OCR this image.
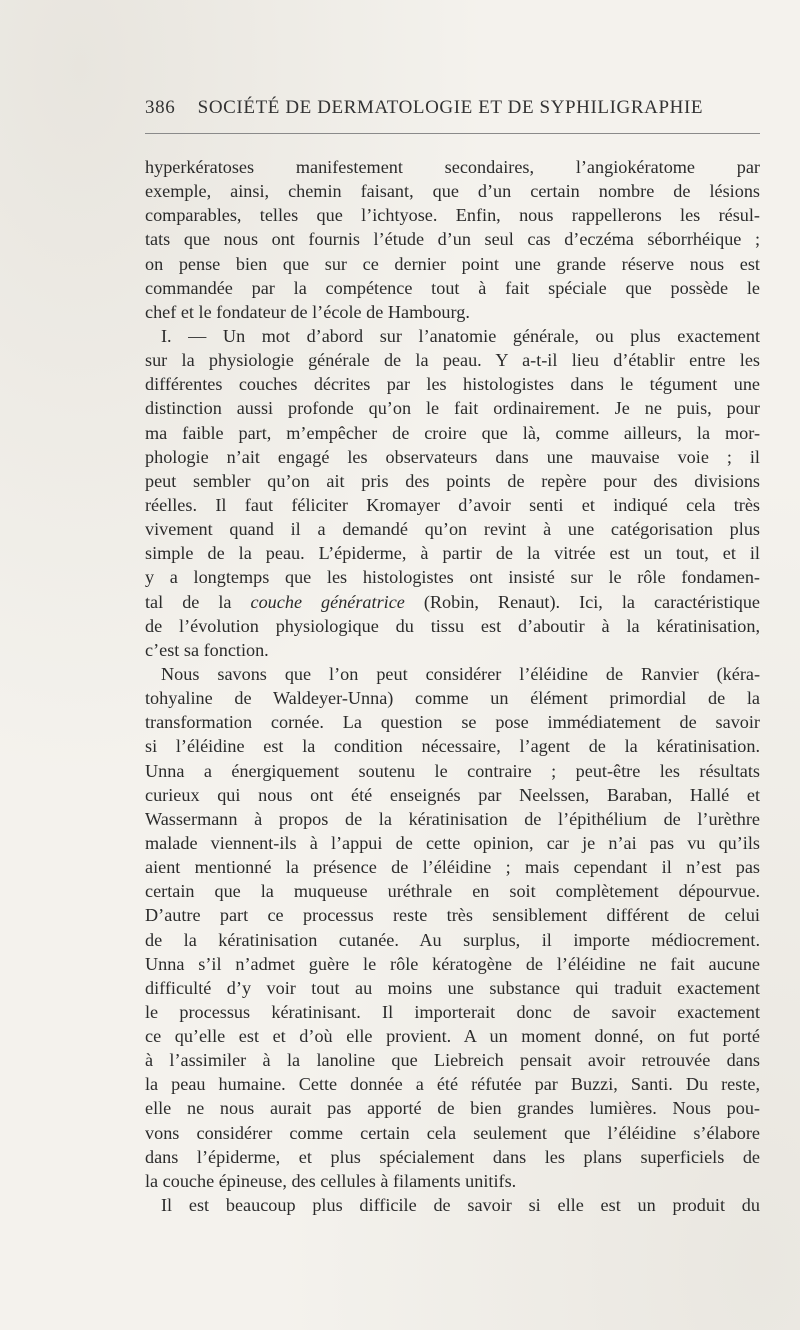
386 SOCIÉTÉ DE DERMATOLOGIE ET DE SYPHILIGRAPHIE
hyperkératoses manifestement secondaires, l’angiokératome par
exemple, ainsi, chemin faisant, que d’un certain nombre de lésions
comparables, telles que l’ichtyose. Enfin, nous rappellerons les résul-
tats que nous ont fournis l’étude d’un seul cas d’eczéma séborrhéique ;
on pense bien que sur ce dernier point une grande réserve nous est
commandée par la compétence tout à fait spéciale que possède le
chef et le fondateur de l’école de Hambourg.
I. — Un mot d’abord sur l’anatomie générale, ou plus exactement
sur la physiologie générale de la peau. Y a-t-il lieu d’établir entre les
différentes couches décrites par les histologistes dans le tégument une
distinction aussi profonde qu’on le fait ordinairement. Je ne puis, pour
ma faible part, m’empêcher de croire que là, comme ailleurs, la mor-
phologie n’ait engagé les observateurs dans une mauvaise voie ; il
peut sembler qu’on ait pris des points de repère pour des divisions
réelles. Il faut féliciter Kromayer d’avoir senti et indiqué cela très
vivement quand il a demandé qu’on revint à une catégorisation plus
simple de la peau. L’épiderme, à partir de la vitrée est un tout, et il
y a longtemps que les histologistes ont insisté sur le rôle fondamen-
tal de la couche génératrice (Robin, Renaut). Ici, la caractéristique
de l’évolution physiologique du tissu est d’aboutir à la kératinisation,
c’est sa fonction.
Nous savons que l’on peut considérer l’éléidine de Ranvier (kéra-
tohyaline de Waldeyer-Unna) comme un élément primordial de la
transformation cornée. La question se pose immédiatement de savoir
si l’éléidine est la condition nécessaire, l’agent de la kératinisation.
Unna a énergiquement soutenu le contraire ; peut-être les résultats
curieux qui nous ont été enseignés par Neelssen, Baraban, Hallé et
Wassermann à propos de la kératinisation de l’épithélium de l’urèthre
malade viennent-ils à l’appui de cette opinion, car je n’ai pas vu qu’ils
aient mentionné la présence de l’éléidine ; mais cependant il n’est pas
certain que la muqueuse uréthrale en soit complètement dépourvue.
D’autre part ce processus reste très sensiblement différent de celui
de la kératinisation cutanée. Au surplus, il importe médiocrement.
Unna s’il n’admet guère le rôle kératogène de l’éléidine ne fait aucune
difficulté d’y voir tout au moins une substance qui traduit exactement
le processus kératinisant. Il importerait donc de savoir exactement
ce qu’elle est et d’où elle provient. A un moment donné, on fut porté
à l’assimiler à la lanoline que Liebreich pensait avoir retrouvée dans
la peau humaine. Cette donnée a été réfutée par Buzzi, Santi. Du reste,
elle ne nous aurait pas apporté de bien grandes lumières. Nous pou-
vons considérer comme certain cela seulement que l’éléidine s’élabore
dans l’épiderme, et plus spécialement dans les plans superficiels de
la couche épineuse, des cellules à filaments unitifs.
Il est beaucoup plus difficile de savoir si elle est un produit du
